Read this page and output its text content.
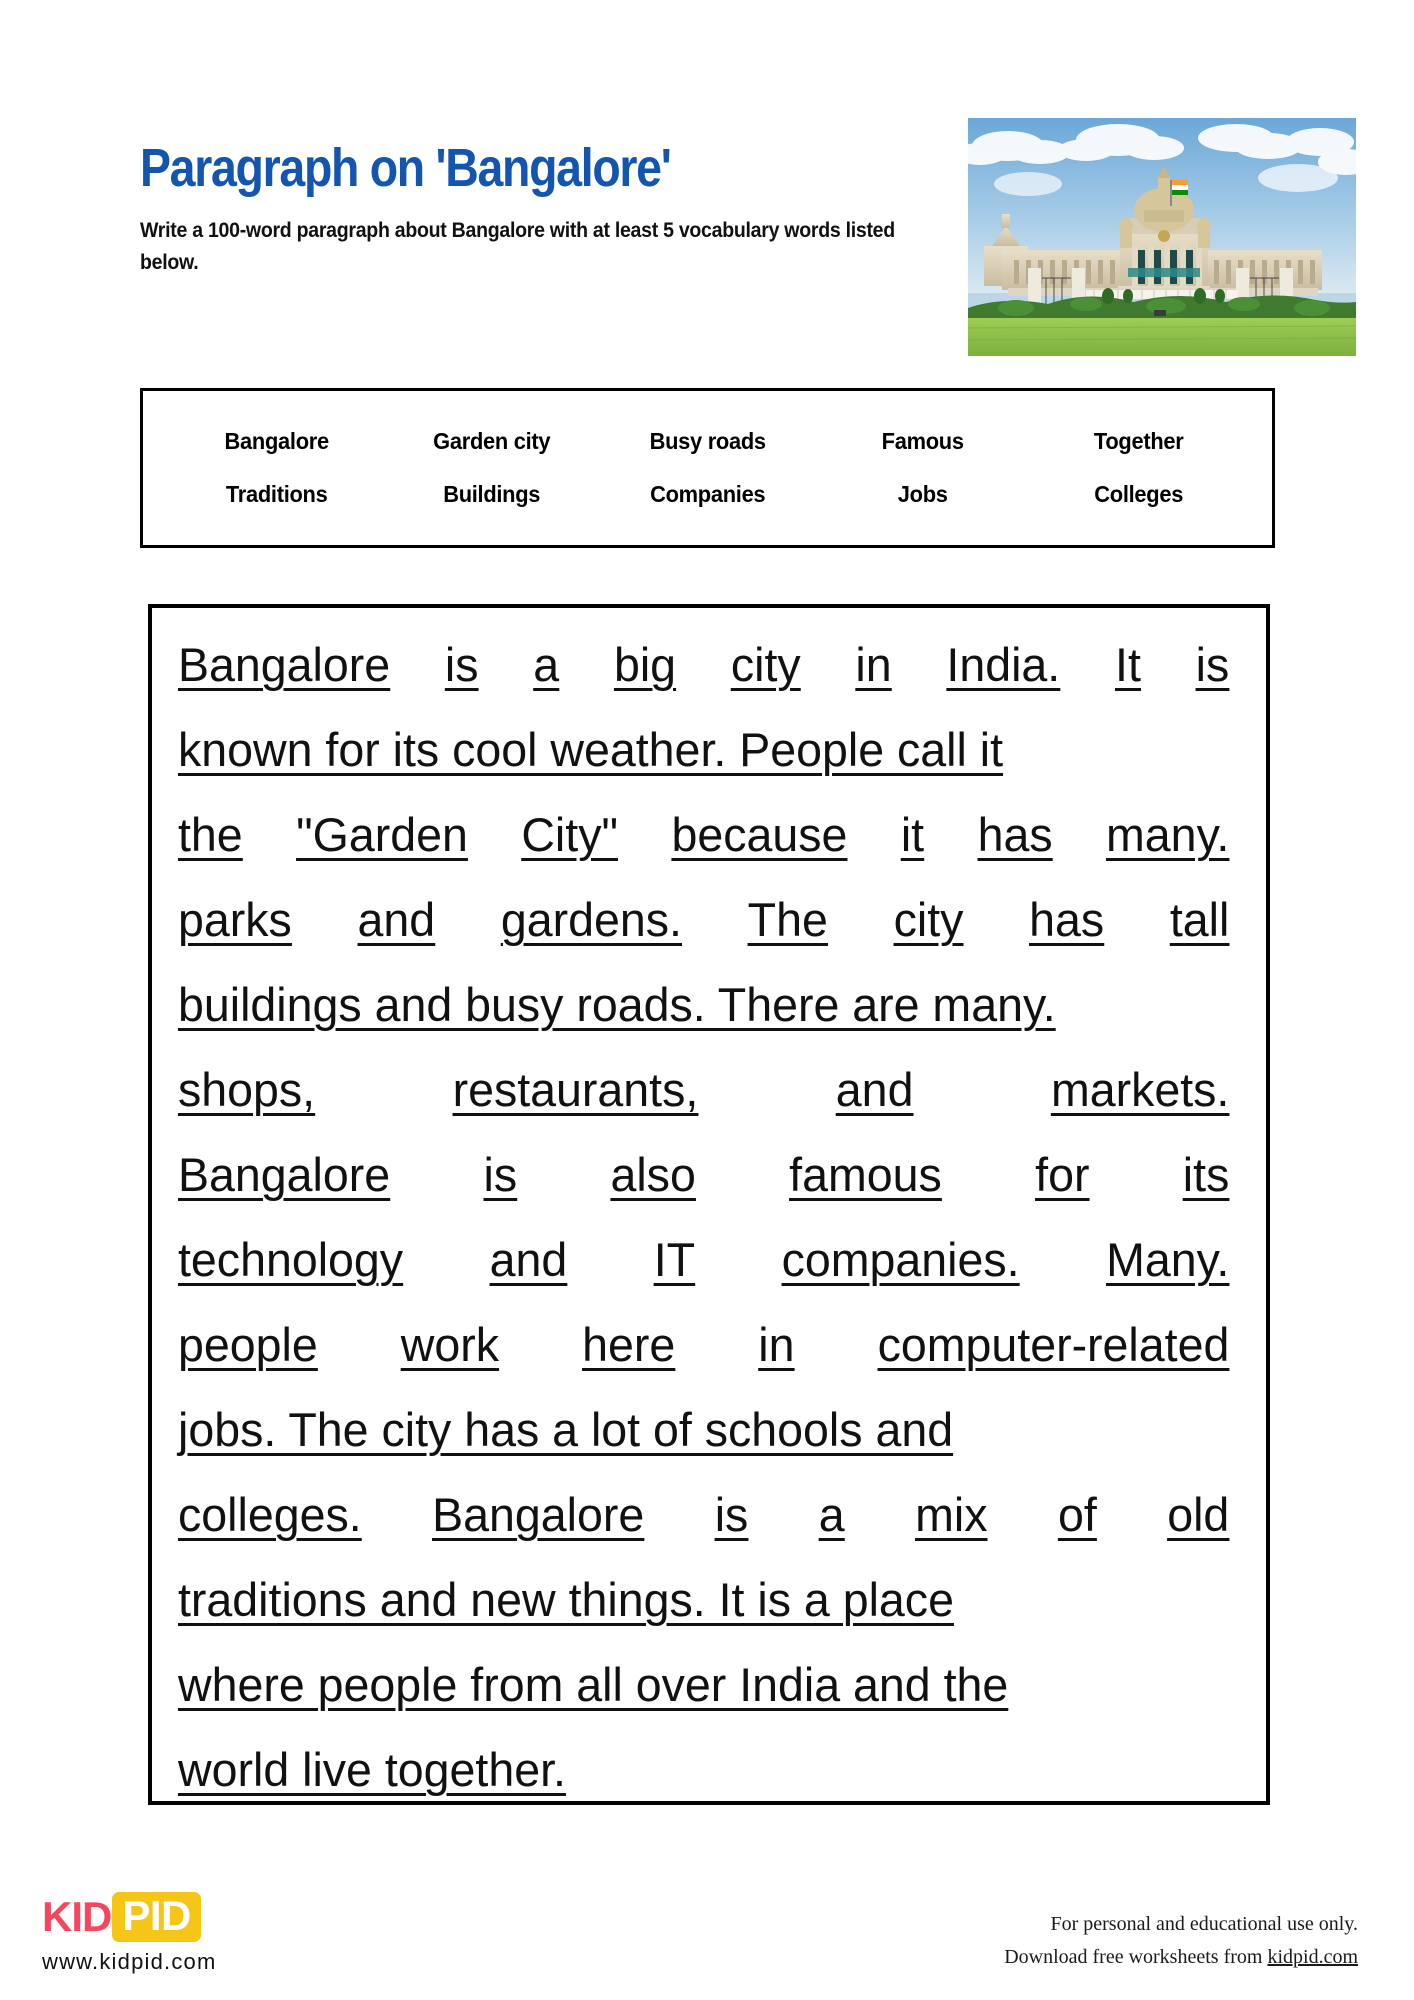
Paragraph on 'Bangalore'
Write a 100-word paragraph about Bangalore with at least 5 vocabulary words listed below.
Bangalore	Garden city	Busy roads	Famous	Together
Traditions	Buildings	Companies	Jobs	Colleges
Bangalore is a big city in India. It is
known for its cool weather. People call it
the "Garden City" because it has many.
parks and gardens. The city has tall
buildings and busy roads. There are many.
shops,	restaurants,	and	markets.
Bangalore is also famous for its
technology and IT companies. Many.
people work here in computer-related
jobs. The city has a lot of schools and
colleges. Bangalore is a mix of old
traditions and new things. It is a place
where people from all over India and the
world live together.
KID PID
www.kidpid.com
For personal and educational use only.
Download free worksheets from kidpid.com
